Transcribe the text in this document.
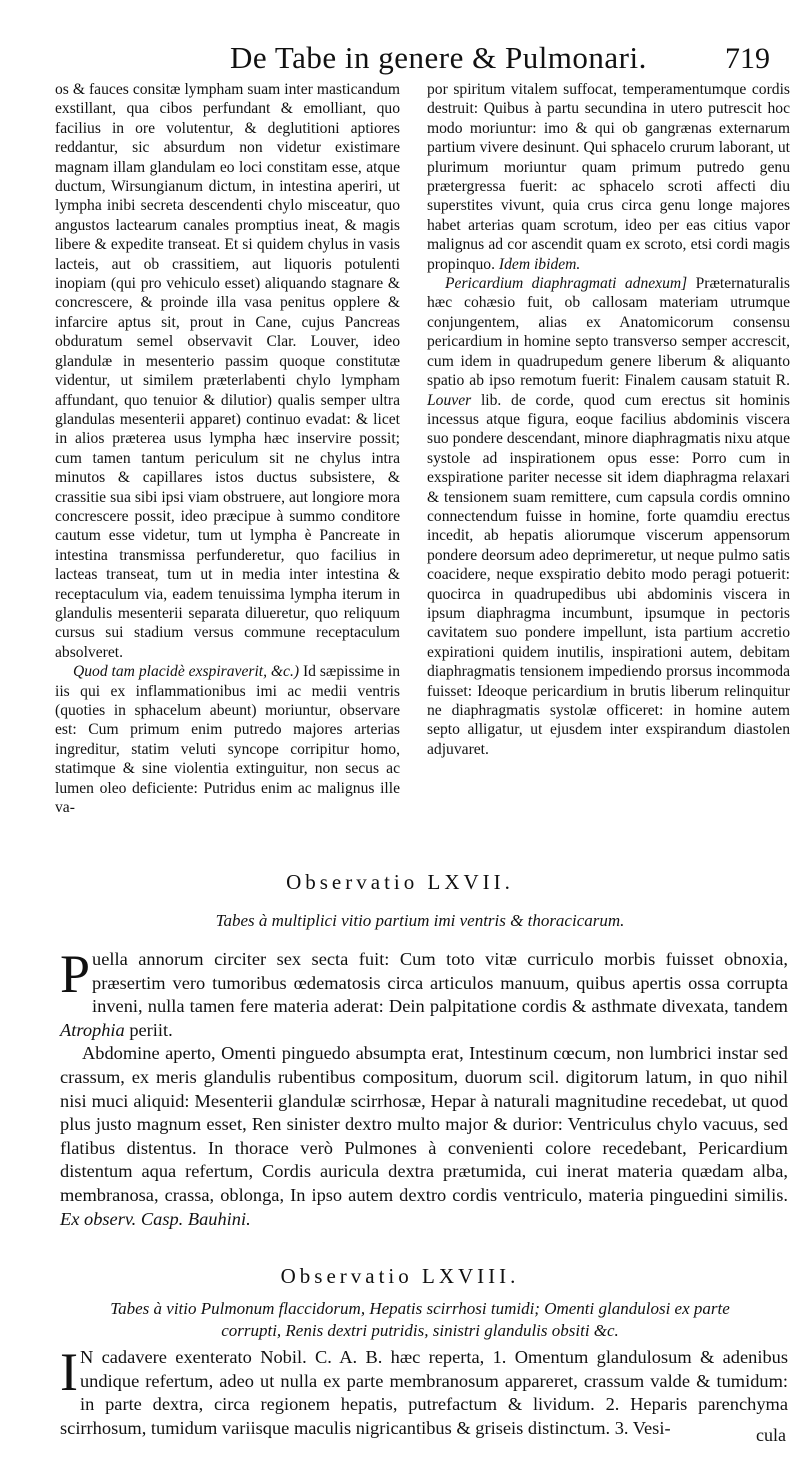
De Tabe in genere & Pulmonari.	719

os & fauces consitæ lympham suam inter masticandum exstillant, qua cibos perfundant & emolliant, quo facilius in ore volutentur, & deglutitioni aptiores reddantur, sic absurdum non videtur existimare magnam illam glandulam eo loci constitam esse, atque ductum, Wirsungianum dictum, in intestina aperiri, ut lympha inibi secreta descendenti chylo misceatur, quo angustos lactearum canales promptius ineat, & magis libere & expedite transeat. Et si quidem chylus in vasis lacteis, aut ob crassitiem, aut liquoris potulenti inopiam (qui pro vehiculo esset) aliquando stagnare & concrescere, & proinde illa vasa penitus opplere & infarcire aptus sit, prout in Cane, cujus Pancreas obduratum semel observavit Clar. Louver, ideo glandulæ in mesenterio passim quoque constitutæ videntur, ut similem præterlabenti chylo lympham affundant, quo tenuior & dilutior) qualis semper ultra glandulas mesenterii apparet) continuo evadat: & licet in alios præterea usus lympha hæc inservire possit; cum tamen tantum periculum sit ne chylus intra minutos & capillares istos ductus subsistere, & crassitie sua sibi ipsi viam obstruere, aut longiore mora concrescere possit, ideo præcipue à summo conditore cautum esse videtur, tum ut lympha è Pancreate in intestina transmissa perfunderetur, quo facilius in lacteas transeat, tum ut in media inter intestina & receptaculum via, eadem tenuissima lympha iterum in glandulis mesenterii separata dilueretur, quo reliquum cursus sui stadium versus commune receptaculum absolveret.

Quod tam placidè exspiraverit, &c.) Id sæpissime in iis qui ex inflammationibus imi ac medii ventris (quoties in sphacelum abeunt) moriuntur, observare est: Cum primum enim putredo majores arterias ingreditur, statim veluti syncope corripitur homo, statimque & sine violentia extinguitur, non secus ac lumen oleo deficiente: Putridus enim ac malignus ille va-

por spiritum vitalem suffocat, temperamentumque cordis destruit: Quibus à partu secundina in utero putrescit hoc modo moriuntur: imo & qui ob gangrænas externarum partium vivere desinunt. Qui sphacelo crurum laborant, ut plurimum moriuntur quam primum putredo genu prætergressa fuerit: ac sphacelo scroti affecti diu superstites vivunt, quia crus circa genu longe majores habet arterias quam scrotum, ideo per eas citius vapor malignus ad cor ascendit quam ex scroto, etsi cordi magis propinquo. Idem ibidem.

Pericardium diaphragmati adnexum] Præternaturalis hæc cohæsio fuit, ob callosam materiam utrumque conjungentem, alias ex Anatomicorum consensu pericardium in homine septo transverso semper accrescit, cum idem in quadrupedum genere liberum & aliquanto spatio ab ipso remotum fuerit: Finalem causam statuit R. Louver lib. de corde, quod cum erectus sit hominis incessus atque figura, eoque facilius abdominis viscera suo pondere descendant, minore diaphragmatis nixu atque systole ad inspirationem opus esse: Porro cum in exspiratione pariter necesse sit idem diaphragma relaxari & tensionem suam remittere, cum capsula cordis omnino connectendum fuisse in homine, forte quamdiu erectus incedit, ab hepatis aliorumque viscerum appensorum pondere deorsum adeo deprimeretur, ut neque pulmo satis coacidere, neque exspiratio debito modo peragi potuerit: quocirca in quadrupedibus ubi abdominis viscera in ipsum diaphragma incumbunt, ipsumque in pectoris cavitatem suo pondere impellunt, ista partium accretio expirationi quidem inutilis, inspirationi autem, debitam diaphragmatis tensionem impediendo prorsus incommoda fuisset: Ideoque pericardium in brutis liberum relinquitur ne diaphragmatis systolæ officeret: in homine autem septo alligatur, ut ejusdem inter exspirandum diastolen adjuvaret.

Observatio LXVII.
Tabes à multiplici vitio partium imi ventris & thoracicarum.

Puella annorum circiter sex secta fuit: Cum toto vitæ curriculo morbis fuisset obnoxia, præsertim vero tumoribus œdematosis circa articulos manuum, quibus apertis ossa corrupta inveni, nulla tamen fere materia aderat: Dein palpitatione cordis & asthmate divexata, tandem Atrophia periit.

Abdomine aperto, Omenti pinguedo absumpta erat, Intestinum cœcum, non lumbrici instar sed crassum, ex meris glandulis rubentibus compositum, duorum scil. digitorum latum, in quo nihil nisi muci aliquid: Mesenterii glandulæ scirrhosæ, Hepar à naturali magnitudine recedebat, ut quod plus justo magnum esset, Ren sinister dextro multo major & durior: Ventriculus chylo vacuus, sed flatibus distentus. In thorace verò Pulmones à convenienti colore recedebant, Pericardium distentum aqua refertum, Cordis auricula dextra prætumida, cui inerat materia quædam alba, membranosa, crassa, oblonga, In ipso autem dextro cordis ventriculo, materia pinguedini similis. Ex observ. Casp. Bauhini.

Observatio LXVIII.
Tabes à vitio Pulmonum flaccidorum, Hepatis scirrhosi tumidi; Omenti glandulosi ex parte corrupti, Renis dextri putridis, sinistri glandulis obsiti &c.

I N cadavere exenterato Nobil. C. A. B. hæc reperta, 1. Omentum glandulosum & adenibus undique refertum, adeo ut nulla ex parte membranosum appareret, crassum valde & tumidum: in parte dextra, circa regionem hepatis, putrefactum & lividum. 2. Heparis parenchyma scirrhosum, tumidum variisque maculis nigricantibus & griseis distinctum. 3. Vesi-	cula
